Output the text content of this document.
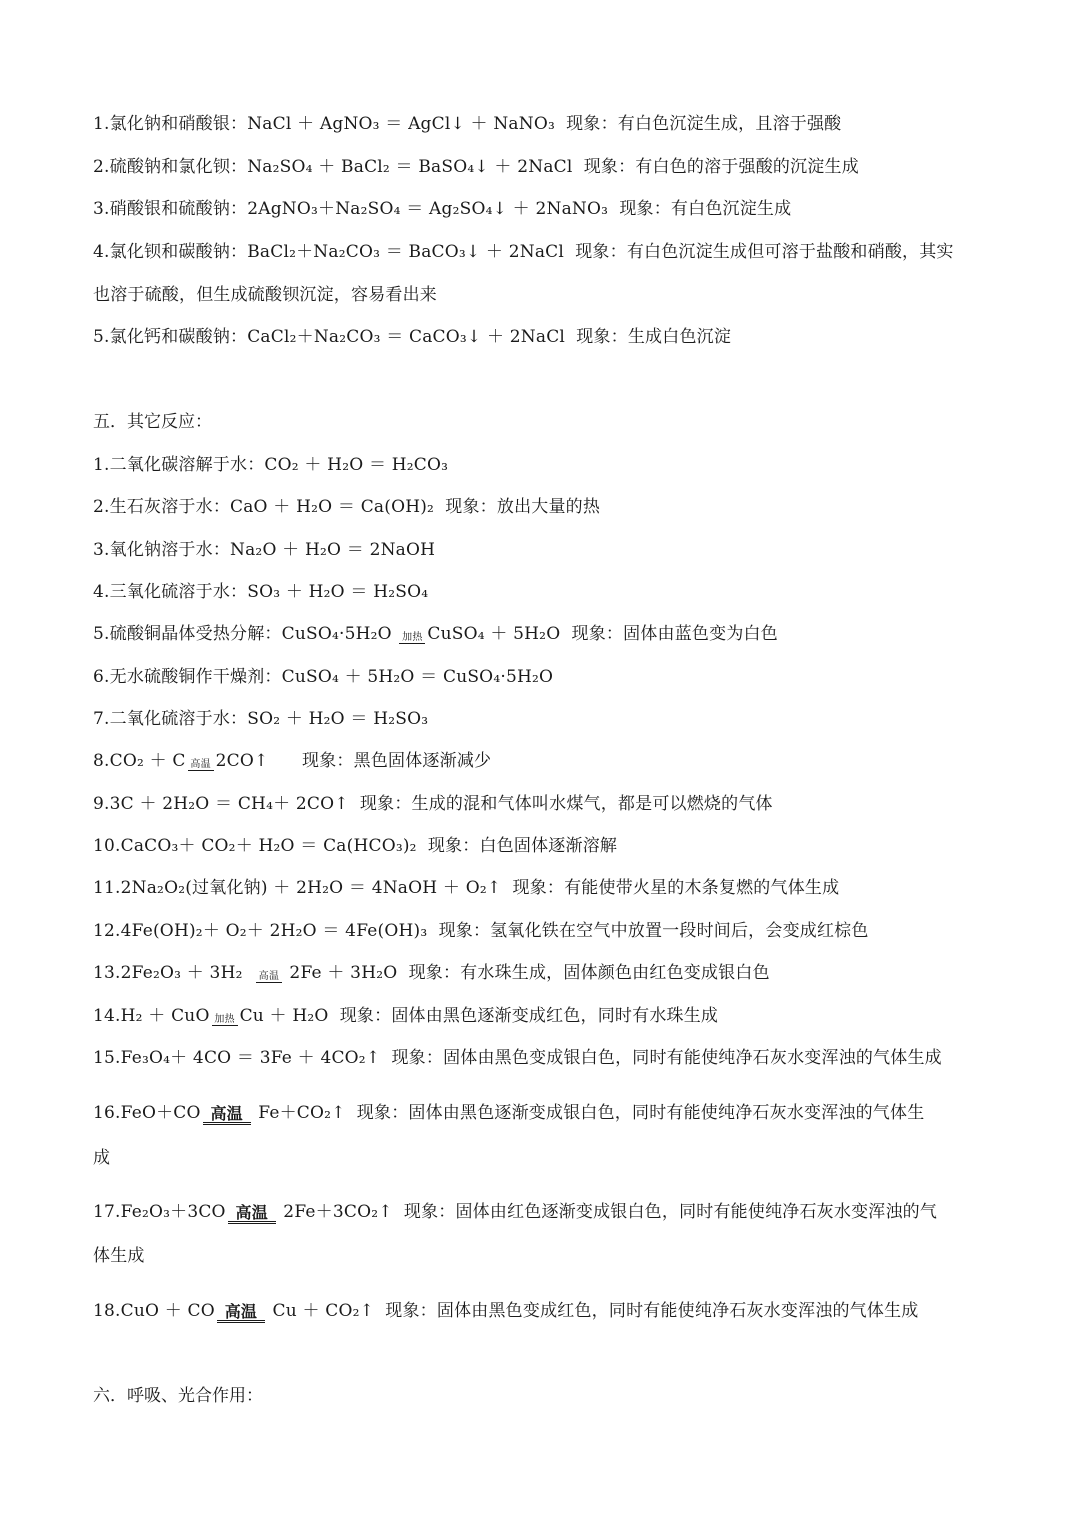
五．其它反应：
六．呼吸、光合作用：
1.氯化钠和硝酸银：NaCl ＋ AgNO₃ ＝ AgCl↓ ＋ NaNO₃  现象：有白色沉淀生成，且溶于强酸
2.硫酸钠和氯化钡：Na₂SO₄ ＋ BaCl₂ ＝ BaSO₄↓ ＋ 2NaCl  现象：有白色的溶于强酸的沉淀生成
3.硝酸银和硫酸钠：2AgNO₃＋Na₂SO₄ ＝ Ag₂SO₄↓ ＋ 2NaNO₃  现象：有白色沉淀生成
4.氯化钡和碳酸钠：BaCl₂＋Na₂CO₃ ＝ BaCO₃↓ ＋ 2NaCl  现象：有白色沉淀生成但可溶于盐酸和硝酸，其实
也溶于硫酸，但生成硫酸钡沉淀，容易看出来
5.氯化钙和碳酸钠：CaCl₂＋Na₂CO₃ ＝ CaCO₃↓ ＋ 2NaCl  现象：生成白色沉淀
1.二氧化碳溶解于水：CO₂ ＋ H₂O ＝ H₂CO₃
2.生石灰溶于水：CaO ＋ H₂O ＝ Ca(OH)₂  现象：放出大量的热
3.氧化钠溶于水：Na₂O ＋ H₂O ＝ 2NaOH
4.三氧化硫溶于水：SO₃ ＋ H₂O ＝ H₂SO₄
5.硫酸铜晶体受热分解：CuSO₄·5H₂O 加热 CuSO₄ ＋ 5H₂O  现象：固体由蓝色变为白色
6.无水硫酸铜作干燥剂：CuSO₄ ＋ 5H₂O ＝ CuSO₄·5H₂O
7.二氧化硫溶于水：SO₂ ＋ H₂O ＝ H₂SO₃
8.CO₂ ＋ C 高温 2CO↑      现象：黑色固体逐渐减少
9.3C ＋ 2H₂O ＝ CH₄＋ 2CO↑  现象：生成的混和气体叫水煤气，都是可以燃烧的气体
10.CaCO₃＋ CO₂＋ H₂O ＝ Ca(HCO₃)₂  现象：白色固体逐渐溶解
11.2Na₂O₂(过氧化钠) ＋ 2H₂O ＝ 4NaOH ＋ O₂↑  现象：有能使带火星的木条复燃的气体生成
12.4Fe(OH)₂＋ O₂＋ 2H₂O ＝ 4Fe(OH)₃  现象：氢氧化铁在空气中放置一段时间后，会变成红棕色
13.2Fe₂O₃ ＋ 3H₂ 高温 2Fe ＋ 3H₂O  现象：有水珠生成，固体颜色由红色变成银白色
14.H₂ ＋ CuO 加热 Cu ＋ H₂O  现象：固体由黑色逐渐变成红色，同时有水珠生成
15.Fe₃O₄＋ 4CO ＝ 3Fe ＋ 4CO₂↑  现象：固体由黑色变成银白色，同时有能使纯净石灰水变浑浊的气体生成
16.FeO＋CO 高温 Fe＋CO₂↑  现象：固体由黑色逐渐变成银白色，同时有能使纯净石灰水变浑浊的气体生
成
17.Fe₂O₃＋3CO 高温 2Fe＋3CO₂↑  现象：固体由红色逐渐变成银白色，同时有能使纯净石灰水变浑浊的气
体生成
18.CuO ＋ CO 高温 Cu ＋ CO₂↑  现象：固体由黑色变成红色，同时有能使纯净石灰水变浑浊的气体生成
